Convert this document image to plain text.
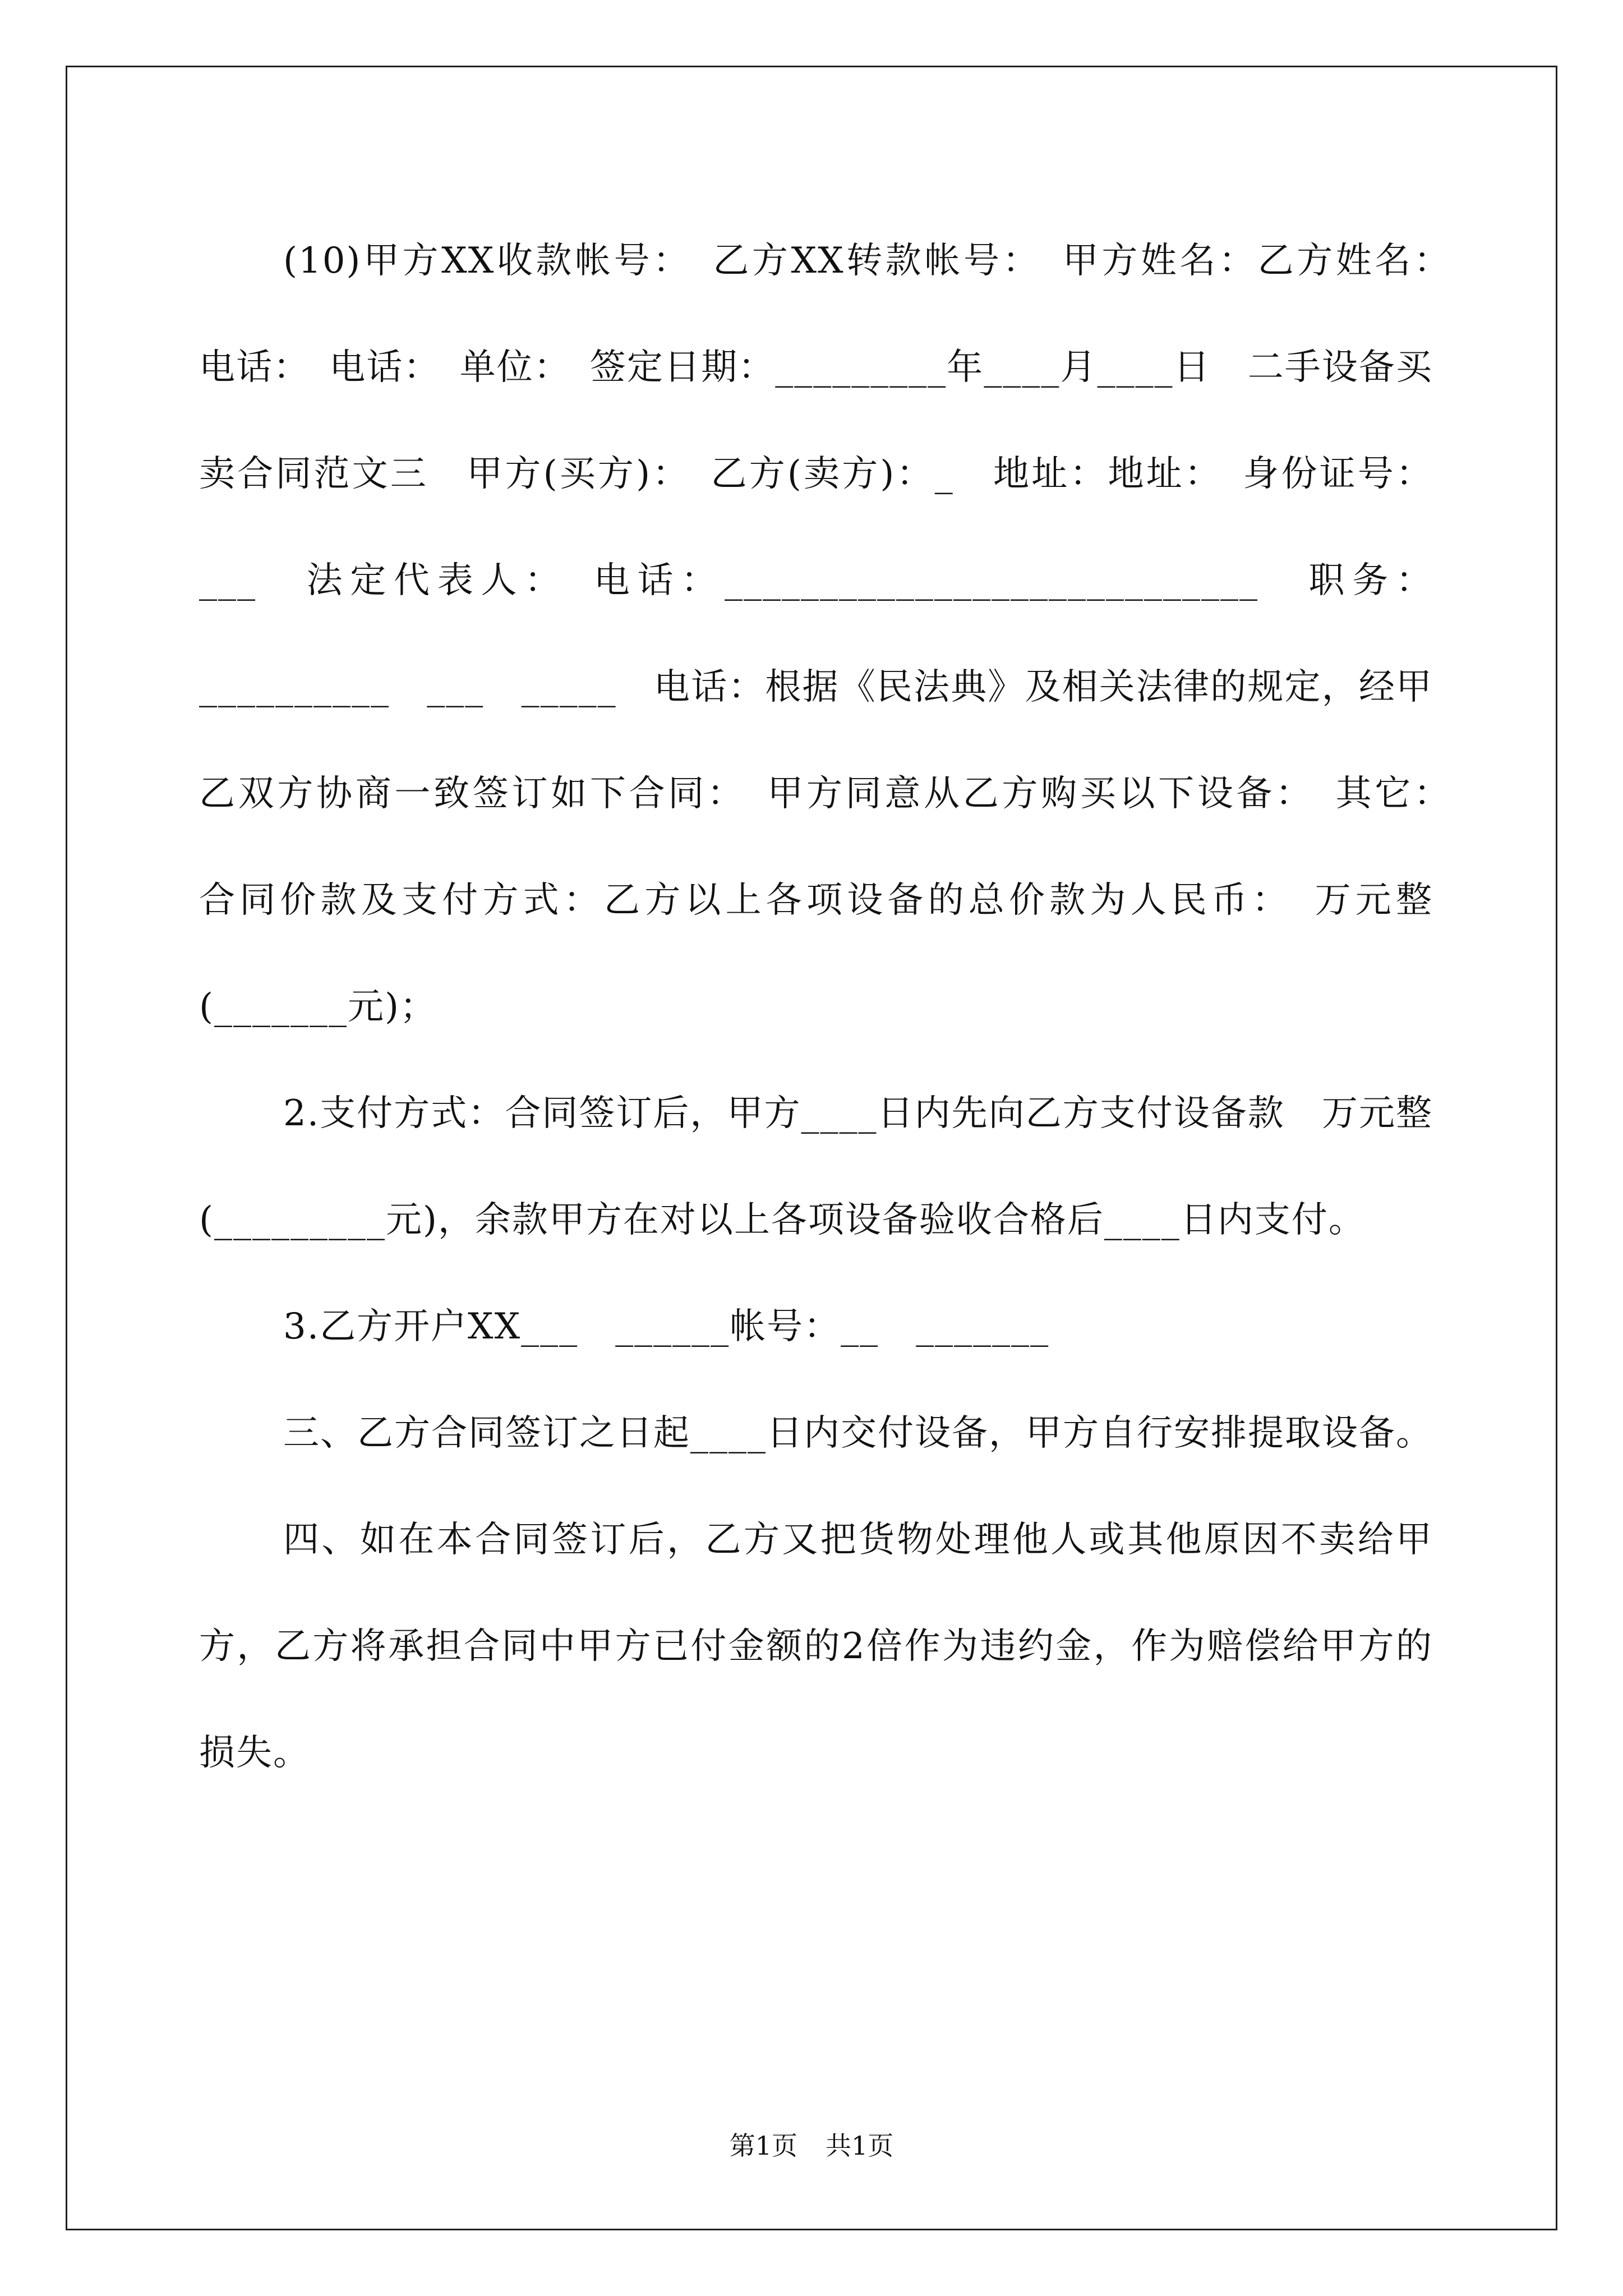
(10)甲方XX收款帐号：　乙方XX转款帐号：　甲方姓名：乙方姓名：　电话：　电话：　单位：　签定日期：_________年____月____日　二手设备买卖合同范文三　甲方(买方)：　乙方(卖方)：_　地址：地址：　身份证号：___　法定代表人：　电话：____________________________　职务：__________　___　_____　电话：根据《民法典》及相关法律的规定，经甲乙双方协商一致签订如下合同：　甲方同意从乙方购买以下设备：　其它：　合同价款及支付方式：乙方以上各项设备的总价款为人民币：　万元整(_______元)；

2.支付方式：合同签订后，甲方____日内先向乙方支付设备款　万元整(_________元)，余款甲方在对以上各项设备验收合格后____日内支付。

3.乙方开户XX___　______帐号：__　_______

三、乙方合同签订之日起____日内交付设备，甲方自行安排提取设备。

四、如在本合同签订后，乙方又把货物处理他人或其他原因不卖给甲方，乙方将承担合同中甲方已付金额的2倍作为违约金，作为赔偿给甲方的损失。

第1页 共1页
